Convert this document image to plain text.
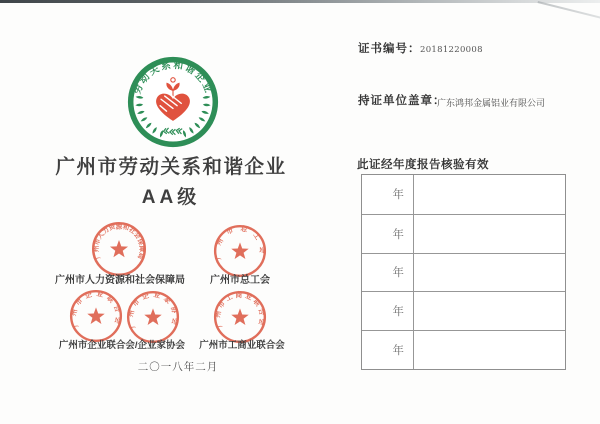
劳动关系和谐企业
广州市劳动关系和谐企业
AA级
广州市人力资源和社会保障局	广州市总工会
广州市企业联合会 广州市企业家协会	广州市工商业联合会
广州市人力资源和社会保障局	广州市总工会
广州市企业联合会/企业家协会	广州市工商业联合会
二〇一八年二月
证书编号： 20181220008
持证单位盖章：
广东鸿邦金属铝业有限公司
此证经年度报告核验有效
年
年
年
年
年
